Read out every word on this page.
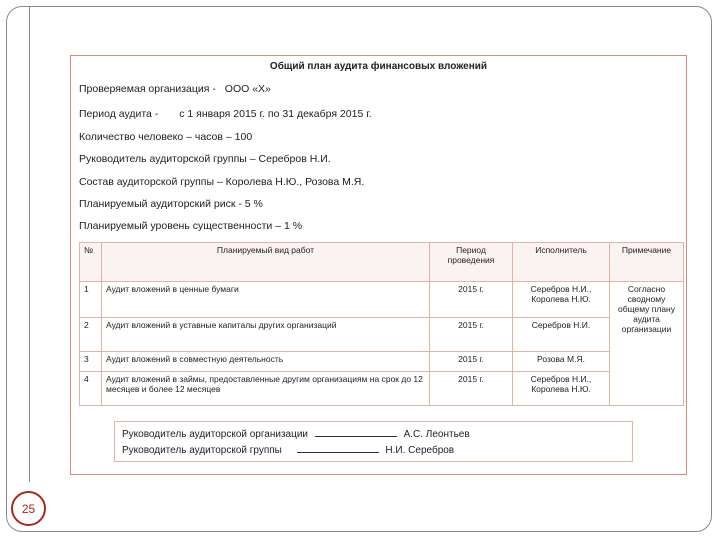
25
Общий план аудита финансовых вложений
Проверяемая организация - ООО «Х»
Период аудита - с 1 января 2015 г. по 31 декабря 2015 г.
Количество человеко – часов – 100
Руководитель аудиторской группы – Серебров Н.И.
Состав аудиторской группы – Королева Н.Ю., Розова М.Я.
Планируемый аудиторский риск - 5 %
Планируемый уровень существенности – 1 %
№	Планируемый вид работ	Период проведения	Исполнитель	Примечание
1	Аудит вложений в ценные бумаги	2015 г.	Серебров Н.И., Королева Н.Ю.	Согласно сводному общему плану аудита организации
2	Аудит вложений в уставные капиталы других организаций	2015 г.	Серебров Н.И.	
3	Аудит вложений в совместную деятельность	2015 г.	Розова М.Я.	
4	Аудит вложений в займы, предоставленные другим организациям на срок до 12 месяцев и более 12 месяцев	2015 г.	Серебров Н.И., Королева Н.Ю.	
Руководитель аудиторской организации	А.С. Леонтьев
Руководитель аудиторской группы	Н.И. Серебров
